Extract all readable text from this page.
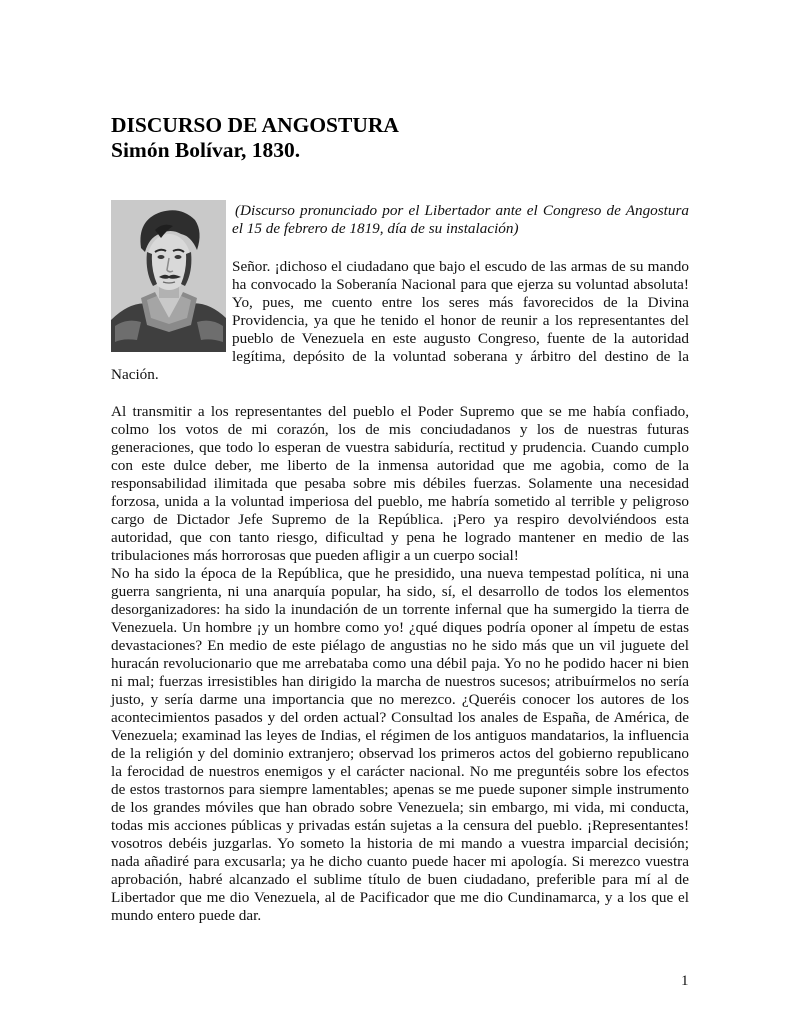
DISCURSO DE ANGOSTURA
Simón Bolívar, 1830.

(Discurso pronunciado por el Libertador ante el Congreso de Angostura el 15 de febrero de 1819, día de su instalación)

Señor. ¡dichoso el ciudadano que bajo el escudo de las armas de su mando ha convocado la Soberanía Nacional para que ejerza su voluntad absoluta! Yo, pues, me cuento entre los seres más favorecidos de la Divina Providencia, ya que he tenido el honor de reunir a los representantes del pueblo de Venezuela en este augusto Congreso, fuente de la autoridad legítima, depósito de la voluntad soberana y árbitro del destino de la Nación.

Al transmitir a los representantes del pueblo el Poder Supremo que se me había confiado, colmo los votos de mi corazón, los de mis conciudadanos y los de nuestras futuras generaciones, que todo lo esperan de vuestra sabiduría, rectitud y prudencia. Cuando cumplo con este dulce deber, me liberto de la inmensa autoridad que me agobia, como de la responsabilidad ilimitada que pesaba sobre mis débiles fuerzas. Solamente una necesidad forzosa, unida a la voluntad imperiosa del pueblo, me habría sometido al terrible y peligroso cargo de Dictador Jefe Supremo de la República. ¡Pero ya respiro devolviéndoos esta autoridad, que con tanto riesgo, dificultad y pena he logrado mantener en medio de las tribulaciones más horrorosas que pueden afligir a un cuerpo social!

No ha sido la época de la República, que he presidido, una nueva tempestad política, ni una guerra sangrienta, ni una anarquía popular, ha sido, sí, el desarrollo de todos los elementos desorganizadores: ha sido la inundación de un torrente infernal que ha sumergido la tierra de Venezuela. Un hombre ¡y un hombre como yo! ¿qué diques podría oponer al ímpetu de estas devastaciones? En medio de este piélago de angustias no he sido más que un vil juguete del huracán revolucionario que me arrebataba como una débil paja. Yo no he podido hacer ni bien ni mal; fuerzas irresistibles han dirigido la marcha de nuestros sucesos; atribuírmelos no sería justo, y sería darme una importancia que no merezco. ¿Queréis conocer los autores de los acontecimientos pasados y del orden actual? Consultad los anales de España, de América, de Venezuela; examinad las leyes de Indias, el régimen de los antiguos mandatarios, la influencia de la religión y del dominio extranjero; observad los primeros actos del gobierno republicano la ferocidad de nuestros enemigos y el carácter nacional. No me preguntéis sobre los efectos de estos trastornos para siempre lamentables; apenas se me puede suponer simple instrumento de los grandes móviles que han obrado sobre Venezuela; sin embargo, mi vida, mi conducta, todas mis acciones públicas y privadas están sujetas a la censura del pueblo. ¡Representantes! vosotros debéis juzgarlas. Yo someto la historia de mi mando a vuestra imparcial decisión; nada añadiré para excusarla; ya he dicho cuanto puede hacer mi apología. Si merezco vuestra aprobación, habré alcanzado el sublime título de buen ciudadano, preferible para mí al de Libertador que me dio Venezuela, al de Pacificador que me dio Cundinamarca, y a los que el mundo entero puede dar.

1
